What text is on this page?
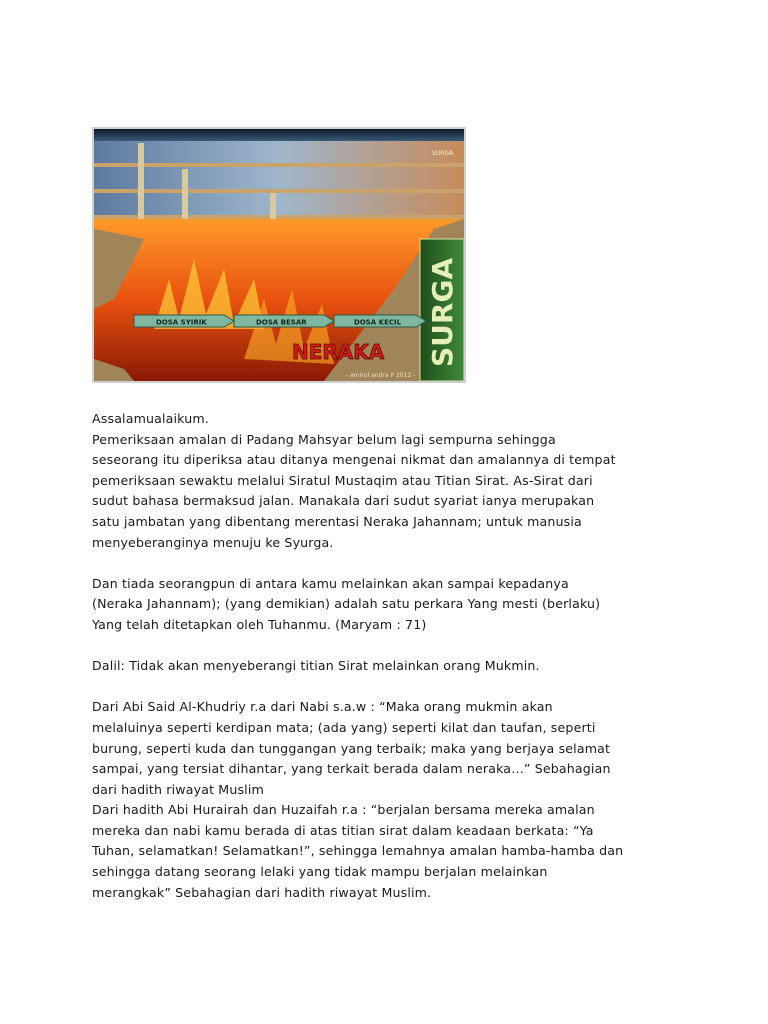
DOSA SYIRIK	DOSA BESAR	DOSA KECIL
NERAKA SURGA
SURGA
- amirul andra P 2012 -

Assalamualaikum.

Pemeriksaan amalan di Padang Mahsyar belum lagi sempurna sehingga
seseorang itu diperiksa atau ditanya mengenai nikmat dan amalannya di tempat
pemeriksaan sewaktu melalui Siratul Mustaqim atau Titian Sirat. As-Sirat dari
sudut bahasa bermaksud jalan. Manakala dari sudut syariat ianya merupakan
satu jambatan yang dibentang merentasi Neraka Jahannam; untuk manusia
menyeberanginya menuju ke Syurga.

Dan tiada seorangpun di antara kamu melainkan akan sampai kepadanya
(Neraka Jahannam); (yang demikian) adalah satu perkara Yang mesti (berlaku)
Yang telah ditetapkan oleh Tuhanmu. (Maryam : 71)

Dalil: Tidak akan menyeberangi titian Sirat melainkan orang Mukmin.

Dari Abi Said Al-Khudriy r.a dari Nabi s.a.w : “Maka orang mukmin akan
melaluinya seperti kerdipan mata; (ada yang) seperti kilat dan taufan, seperti
burung, seperti kuda dan tunggangan yang terbaik; maka yang berjaya selamat
sampai, yang tersiat dihantar, yang terkait berada dalam neraka…” Sebahagian
dari hadith riwayat Muslim

Dari hadith Abi Hurairah dan Huzaifah r.a : “berjalan bersama mereka amalan
mereka dan nabi kamu berada di atas titian sirat dalam keadaan berkata: “Ya
Tuhan, selamatkan! Selamatkan!”, sehingga lemahnya amalan hamba-hamba dan
sehingga datang seorang lelaki yang tidak mampu berjalan melainkan
merangkak” Sebahagian dari hadith riwayat Muslim.
